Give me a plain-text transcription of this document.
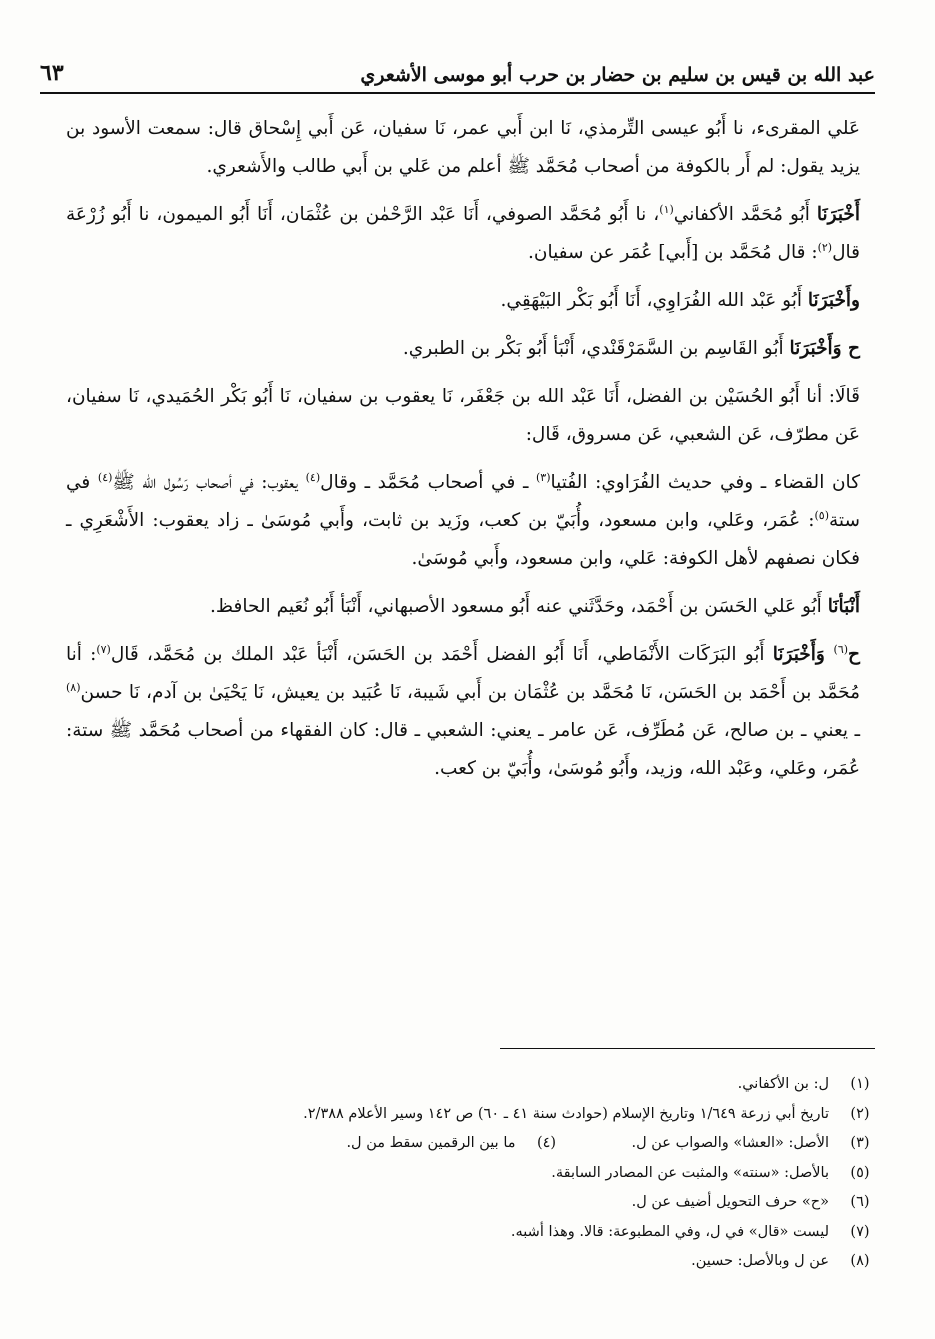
عبد الله بن قيس بن سليم بن حضار بن حرب أبو موسى الأشعري
٦٣

عَلي المقرىء، نا أَبُو عيسى التِّرمذي، نَا ابن أَبي عمر، نَا سفيان، عَن أَبي إِسْحاق قال: سمعت الأسود بن يزيد يقول: لم أَر بالكوفة من أصحاب مُحَمَّد ﷺ أعلم من عَلي بن أَبي طالب والأَشعري.

أَخْبَرَنَا أَبُو مُحَمَّد الأكفاني$^{(١)}$، نا أَبُو مُحَمَّد الصوفي، أَنَا عَبْد الرَّحْمٰن بن عُثْمَان، أَنَا أَبُو الميمون، نا أَبُو زُرْعَة قال$^{(٢)}$: قال مُحَمَّد بن [أَبي] عُمَر عن سفيان.

وأَخْبَرَنَا أَبُو عَبْد الله الفُرَاوِي، أَنَا أَبُو بَكْر البَيْهَقِي.

ح وَأَخْبَرَنَا أَبُو القَاسِم بن السَّمَرْقَنْدي، أَنْبَأ أَبُو بَكْر بن الطبري.

قَالَا: أنا أَبُو الحُسَيْن بن الفضل، أَنَا عَبْد الله بن جَعْفَر، نَا يعقوب بن سفيان، نَا أَبُو بَكْر الحُمَيدي، نَا سفيان، عَن مطرّف، عَن الشعبي، عَن مسروق، قَال:

كان القضاء ـ وفي حديث الفُرَاوي: الفُتيا$^{(٣)}$ ـ في أصحاب مُحَمَّد ـ وقال$^{(٤)}$ يعقوب: في أصحاب رَسُول الله ﷺ$^{(٤)}$ في ستة$^{(٥)}$: عُمَر، وعَلي، وابن مسعود، وأُبَيّ بن كعب، وزَيد بن ثابت، وأَبي مُوسَىٰ ـ زاد يعقوب: الأَشْعَرِي ـ فكان نصفهم لأهل الكوفة: عَلي، وابن مسعود، وأَبي مُوسَىٰ.

أَنْبَأنَا أَبُو عَلي الحَسَن بن أَحْمَد، وحَدَّثَني عنه أَبُو مسعود الأصبهاني، أَنْبَأ أَبُو نُعَيم الحافظ.

ح$^{(٦)}$ وَأَخْبَرَنَا أَبُو البَرَكَات الأَنْمَاطي، أَنَا أَبُو الفضل أَحْمَد بن الحَسَن، أَنْبَأ عَبْد الملك بن مُحَمَّد، قَال$^{(٧)}$: أنا مُحَمَّد بن أَحْمَد بن الحَسَن، نَا مُحَمَّد بن عُثْمَان بن أَبي شَيبة، نَا عُبَيد بن يعيش، نَا يَحْيَىٰ بن آدم، نَا حسن$^{(٨)}$ ـ يعني ـ بن صالح، عَن مُطَرِّف، عَن عامر ـ يعني: الشعبي ـ قال: كان الفقهاء من أصحاب مُحَمَّد ﷺ ستة: عُمَر، وعَلي، وعَبْد الله، وزيد، وأَبُو مُوسَىٰ، وأُبَيّ بن كعب.

(١)
ل: بن الأكفاني.
(٢)
تاريخ أبي زرعة ١/٦٤٩ وتاريخ الإسلام (حوادث سنة ٤١ ـ ٦٠) ص ١٤٢ وسير الأعلام ٢/٣٨٨.
(٣)
الأصل: «العشا» والصواب عن ل.
(٤)
ما بين الرقمين سقط من ل.
(٥)
بالأصل: «سنته» والمثبت عن المصادر السابقة.
(٦)
«ح» حرف التحويل أضيف عن ل.
(٧)
ليست «قال» في ل، وفي المطبوعة: قالا. وهذا أشبه.
(٨)
عن ل وبالأصل: حسين.
